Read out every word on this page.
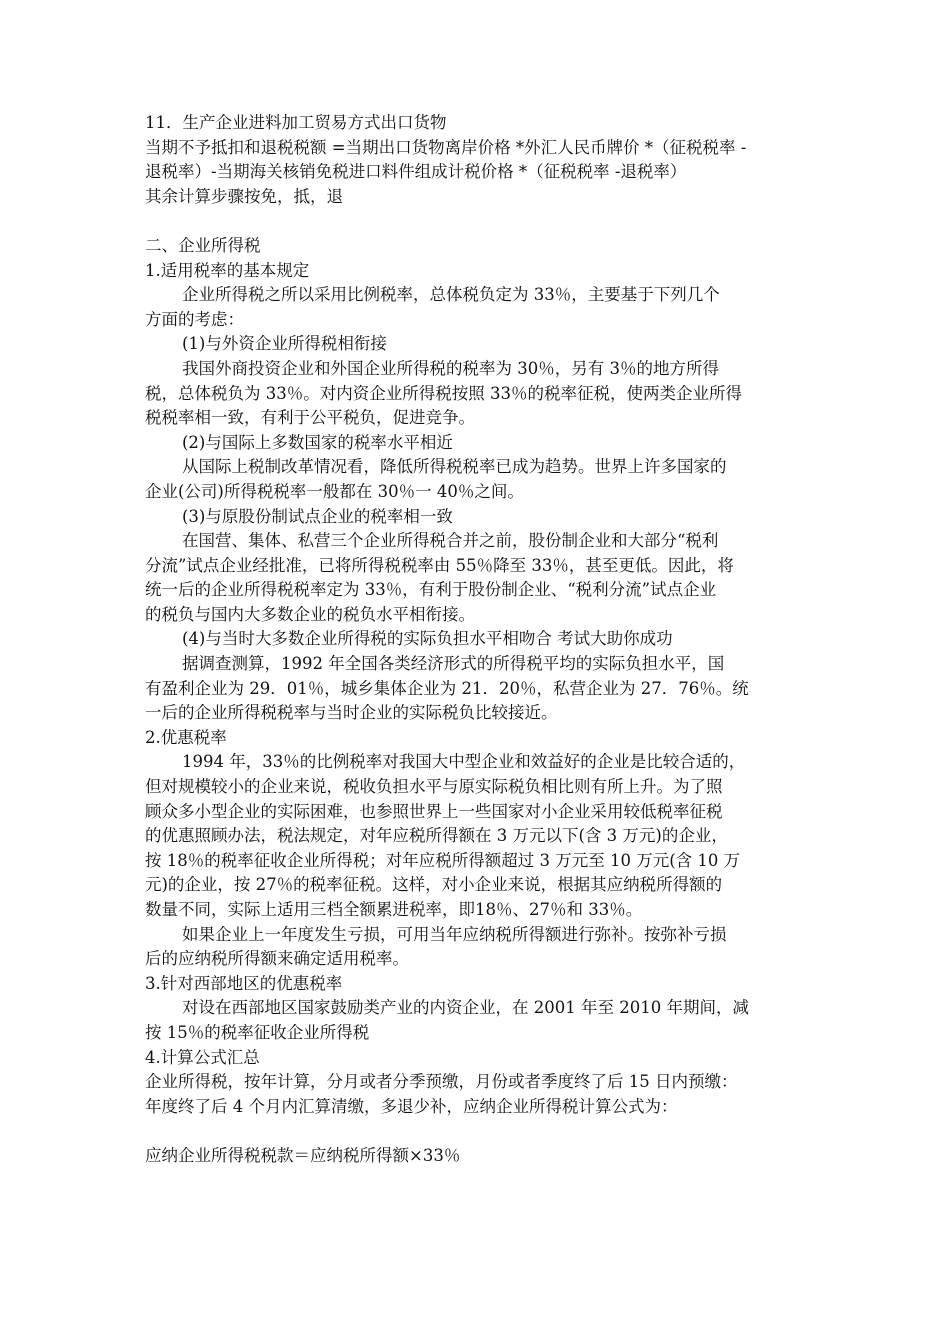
11．生产企业进料加工贸易方式出口货物
当期不予抵扣和退税税额 =当期出口货物离岸价格 *外汇人民币牌价 *（征税税率 -
退税率）-当期海关核销免税进口料件组成计税价格 *（征税税率 -退税率）
其余计算步骤按免，抵，退
二、企业所得税
1.适用税率的基本规定
企业所得税之所以采用比例税率，总体税负定为 33％，主要基于下列几个
方面的考虑：
(1)与外资企业所得税相衔接
我国外商投资企业和外国企业所得税的税率为 30％，另有 3％的地方所得
税，总体税负为 33％。对内资企业所得税按照 33％的税率征税，使两类企业所得
税税率相一致，有利于公平税负，促进竞争。
(2)与国际上多数国家的税率水平相近
从国际上税制改革情况看，降低所得税税率已成为趋势。世界上许多国家的
企业(公司)所得税税率一般都在 30％一 40％之间。
(3)与原股份制试点企业的税率相一致
在国营、集体、私营三个企业所得税合并之前，股份制企业和大部分“税利
分流”试点企业经批准，已将所得税税率由 55％降至 33％，甚至更低。因此，将
统一后的企业所得税税率定为 33％，有利于股份制企业、“税利分流”试点企业
的税负与国内大多数企业的税负水平相衔接。
(4)与当时大多数企业所得税的实际负担水平相吻合 考试大助你成功
据调查测算，1992 年全国各类经济形式的所得税平均的实际负担水平，国
有盈利企业为 29．01％，城乡集体企业为 21．20％，私营企业为 27．76％。统
一后的企业所得税税率与当时企业的实际税负比较接近。
2.优惠税率
1994 年，33％的比例税率对我国大中型企业和效益好的企业是比较合适的，
但对规模较小的企业来说，税收负担水平与原实际税负相比则有所上升。为了照
顾众多小型企业的实际困难，也参照世界上一些国家对小企业采用较低税率征税
的优惠照顾办法，税法规定，对年应税所得额在 3 万元以下(含 3 万元)的企业，
按 18％的税率征收企业所得税；对年应税所得额超过 3 万元至 10 万元(含 10 万
元)的企业，按 27％的税率征税。这样，对小企业来说，根据其应纳税所得额的
数量不同，实际上适用三档全额累进税率，即18％、27％和 33％。
如果企业上一年度发生亏损，可用当年应纳税所得额进行弥补。按弥补亏损
后的应纳税所得额来确定适用税率。
3.针对西部地区的优惠税率
对设在西部地区国家鼓励类产业的内资企业，在 2001 年至 2010 年期间，减
按 15％的税率征收企业所得税
4.计算公式汇总
企业所得税，按年计算，分月或者分季预缴，月份或者季度终了后 15 日内预缴：
年度终了后 4 个月内汇算清缴，多退少补，应纳企业所得税计算公式为：
应纳企业所得税税款＝应纳税所得额×33％
